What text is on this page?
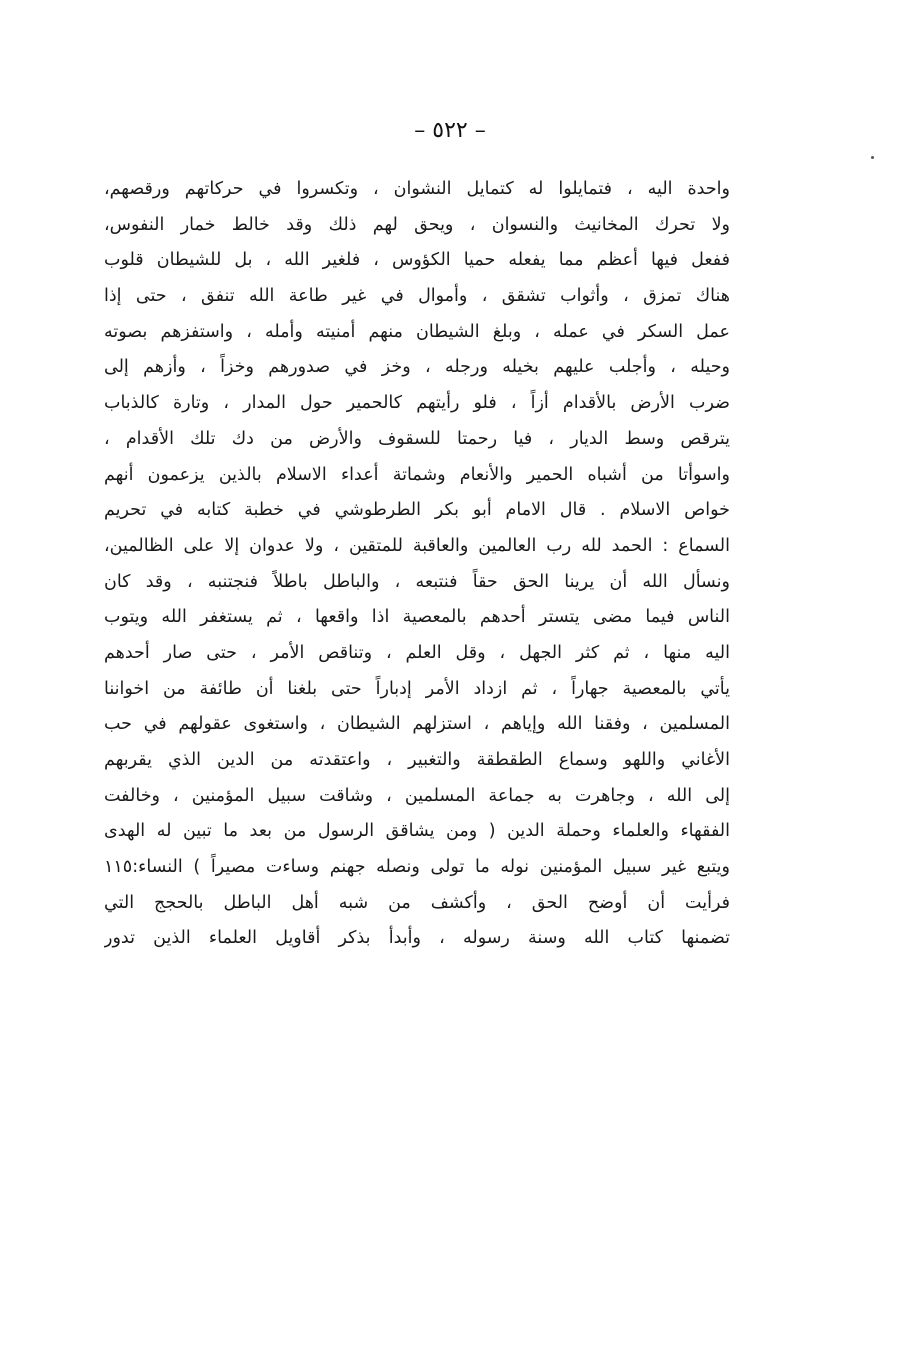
– ٥٢٢ –
واحدة اليه ، فتمايلوا له كتمايل النشوان ، وتكسروا في حركاتهم ورقصهم،
ولا تحرك المخانيث والنسوان ، ويحق لهم ذلك وقد خالط خمار النفوس،
ففعل فيها أعظم مما يفعله حميا الكؤوس ، فلغير الله ، بل للشيطان قلوب
هناك تمزق ، وأثواب تشقق ، وأموال في غير طاعة الله تنفق ، حتى إذا
عمل السكر في عمله ، وبلغ الشيطان منهم أمنيته وأمله ، واستفزهم بصوته
وحيله ، وأجلب عليهم بخيله ورجله ، وخز في صدورهم وخزاً ، وأزهم إلى
ضرب الأرض بالأقدام أزاً ، فلو رأيتهم كالحمير حول المدار ، وتارة كالذباب
يترقص وسط الديار ، فيا رحمتا للسقوف والأرض من دك تلك الأقدام ،
واسوأتا من أشباه الحمير والأنعام وشماتة أعداء الاسلام بالذين يزعمون أنهم
خواص الاسلام . قال الامام أبو بكر الطرطوشي في خطبة كتابه في تحريم
السماع : الحمد لله رب العالمين والعاقبة للمتقين ، ولا عدوان إلا على الظالمين،
ونسأل الله أن يرينا الحق حقاً فنتبعه ، والباطل باطلاً فنجتنبه ، وقد كان
الناس فيما مضى يتستر أحدهم بالمعصية اذا واقعها ، ثم يستغفر الله ويتوب
اليه منها ، ثم كثر الجهل ، وقل العلم ، وتناقص الأمر ، حتى صار أحدهم
يأتي بالمعصية جهاراً ، ثم ازداد الأمر إدباراً حتى بلغنا أن طائفة من اخواننا
المسلمين ، وفقنا الله وإياهم ، استزلهم الشيطان ، واستغوى عقولهم في حب
الأغاني واللهو وسماع الطقطقة والتغبير ، واعتقدته من الدين الذي يقربهم
إلى الله ، وجاهرت به جماعة المسلمين ، وشاقت سبيل المؤمنين ، وخالفت
الفقهاء والعلماء وحملة الدين ( ومن يشاقق الرسول من بعد ما تبين له الهدى
ويتبع غير سبيل المؤمنين نوله ما تولى ونصله جهنم وساءت مصيراً ) النساء:١١٥
فرأيت أن أوضح الحق ، وأكشف من شبه أهل الباطل بالحجج التي
تضمنها كتاب الله وسنة رسوله ، وأبدأ بذكر أقاويل العلماء الذين تدور
